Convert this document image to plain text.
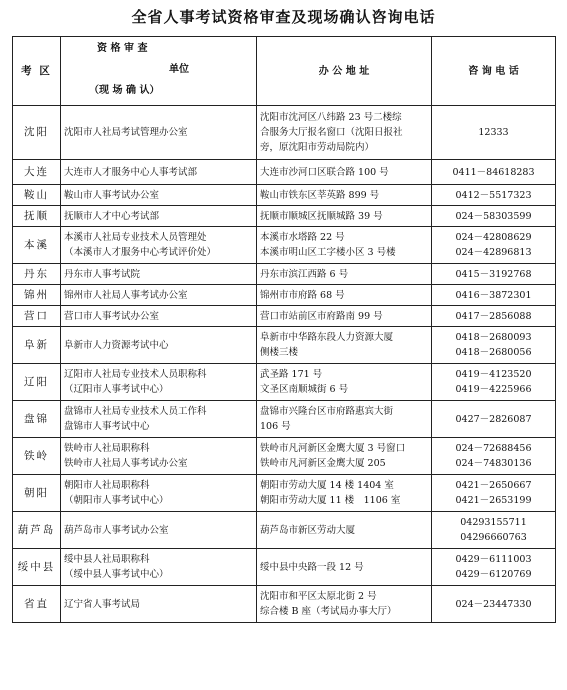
全省人事考试资格审查及现场确认咨询电话
考 区	资 格 审 查
单位
（现 场 确 认）	办 公 地 址	咨 询 电 话
沈阳	沈阳市人社局考试管理办公室	沈阳市沈河区八纬路 23 号二楼综
合服务大厅报名窗口（沈阳日报社
旁，原沈阳市劳动局院内）	12333

大连	大连市人才服务中心人事考试部	大连市沙河口区联合路 100 号	0411－84618283

鞍山	鞍山市人事考试办公室	鞍山市铁东区莘英路 899 号	0412－5517323

抚顺	抚顺市人才中心考试部	抚顺市顺城区抚顺城路 39 号	024－58303599

本溪	本溪市人社局专业技术人员管理处
（本溪市人才服务中心考试评价处）	本溪市水塔路 22 号
本溪市明山区工字楼小区 3 号楼	024－42808629
024－42896813

丹东	丹东市人事考试院	丹东市滨江西路 6 号	0415－3192768

锦州	锦州市人社局人事考试办公室	锦州市市府路 68 号	0416－3872301

营口	营口市人事考试办公室	营口市站前区市府路南 99 号	0417－2856088

阜新	阜新市人力资源考试中心	阜新市中华路东段人力资源大厦
侧楼三楼	0418－2680093
0418－2680056

辽阳	辽阳市人社局专业技术人员职称科
（辽阳市人事考试中心）	武圣路 171 号
文圣区南顺城街 6 号	0419－4123520
0419－4225966

盘锦	盘锦市人社局专业技术人员工作科
盘锦市人事考试中心	盘锦市兴隆台区市府路惠宾大街
106 号	0427－2826087

铁岭	铁岭市人社局职称科
铁岭市人社局人事考试办公室	铁岭市凡河新区金鹰大厦 3 号窗口
铁岭市凡河新区金鹰大厦 205	024－72688456
024－74830136

朝阳	朝阳市人社局职称科
（朝阳市人事考试中心）	朝阳市劳动大厦 14 楼 1404 室
朝阳市劳动大厦 11 楼　1106 室	0421－2650667
0421－2653199

葫芦岛	葫芦岛市人事考试办公室	葫芦岛市新区劳动大厦	04293155711
04296660763

绥中县	绥中县人社局职称科
（绥中县人事考试中心）	绥中县中央路一段 12 号	0429－6111003
0429－6120769

省直	辽宁省人事考试局	沈阳市和平区太原北街 2 号
综合楼 B 座（考试局办事大厅）	024－23447330
